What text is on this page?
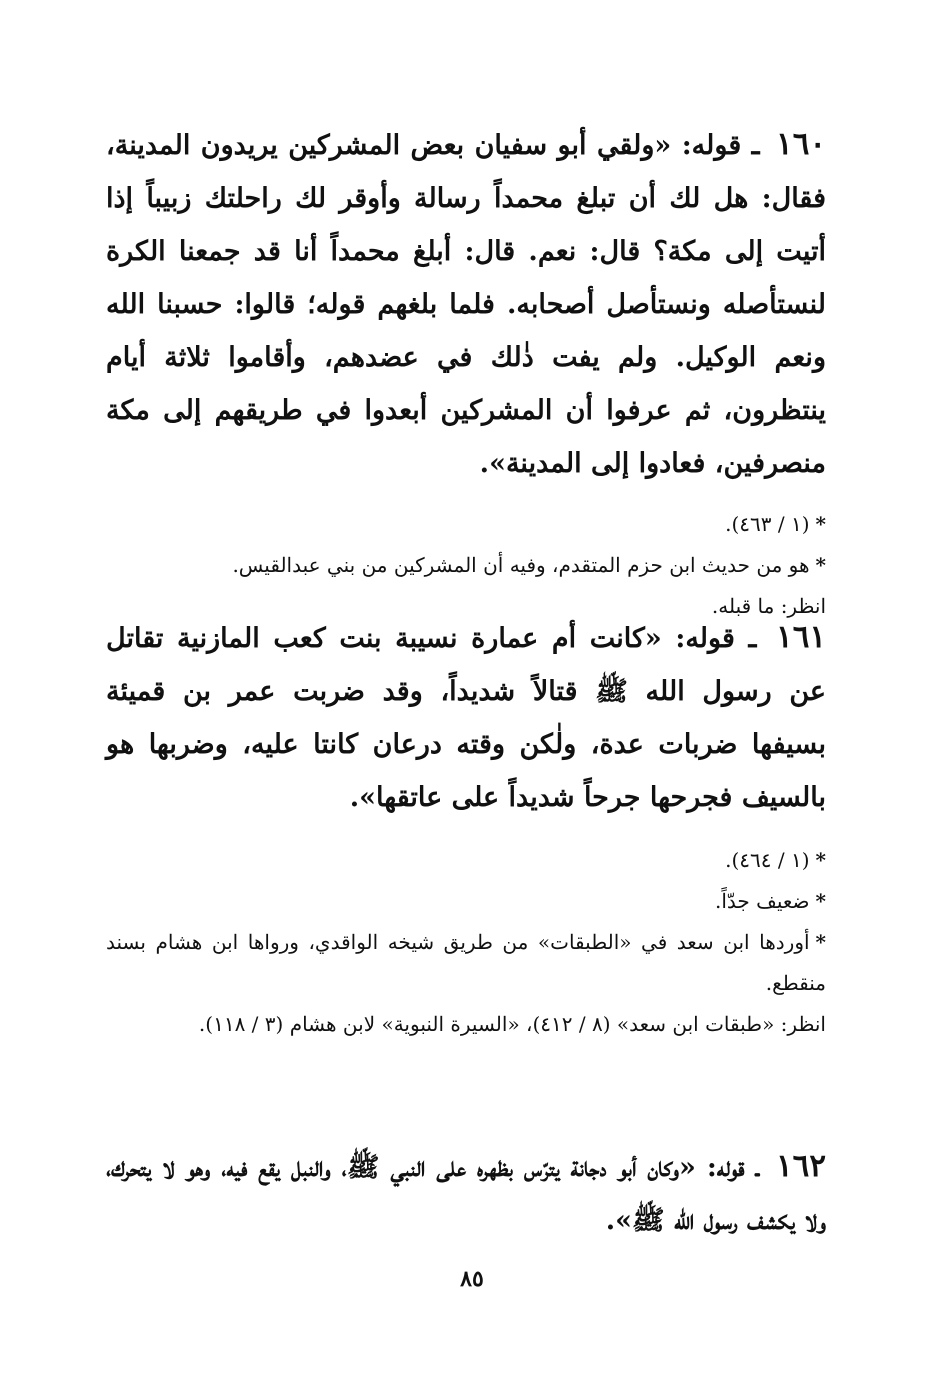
١٦٠ ـ قوله: «ولقي أبو سفيان بعض المشركين يريدون المدينة، فقال: هل لك أن تبلغ محمداً رسالة وأوقر لك راحلتك زبيباً إذا أتيت إلى مكة؟ قال: نعم. قال: أبلغ محمداً أنا قد جمعنا الكرة لنستأصله ونستأصل أصحابه. فلما بلغهم قوله؛ قالوا: حسبنا الله ونعم الوكيل. ولم يفت ذٰلك في عضدهم، وأقاموا ثلاثة أيام ينتظرون، ثم عرفوا أن المشركين أبعدوا في طريقهم إلى مكة منصرفين، فعادوا إلى المدينة».

*(١ / ٤٦٣).

*هو من حديث ابن حزم المتقدم، وفيه أن المشركين من بني عبدالقيس.

انظر: ما قبله.

١٦١ ـ قوله: «كانت أم عمارة نسيبة بنت كعب المازنية تقاتل عن رسول الله ﷺ قتالاً شديداً، وقد ضربت عمر بن قميئة بسيفها ضربات عدة، ولٰكن وقته درعان كانتا عليه، وضربها هو بالسيف فجرحها جرحاً شديداً على عاتقها».

*(١ / ٤٦٤).

*ضعيف جدّاً.

*أوردها ابن سعد في «الطبقات» من طريق شيخه الواقدي، ورواها ابن هشام بسند منقطع.

انظر: «طبقات ابن سعد» (٨ / ٤١٢)، «السيرة النبوية» لابن هشام (٣ / ١١٨).

١٦٢ ـ قوله: «وكان أبو دجانة يترّس بظهره على النبي ﷺ، والنبل يقع فيه، وهو لا يتحرك، ولا يكشف رسول الله ﷺ».

٨٥
